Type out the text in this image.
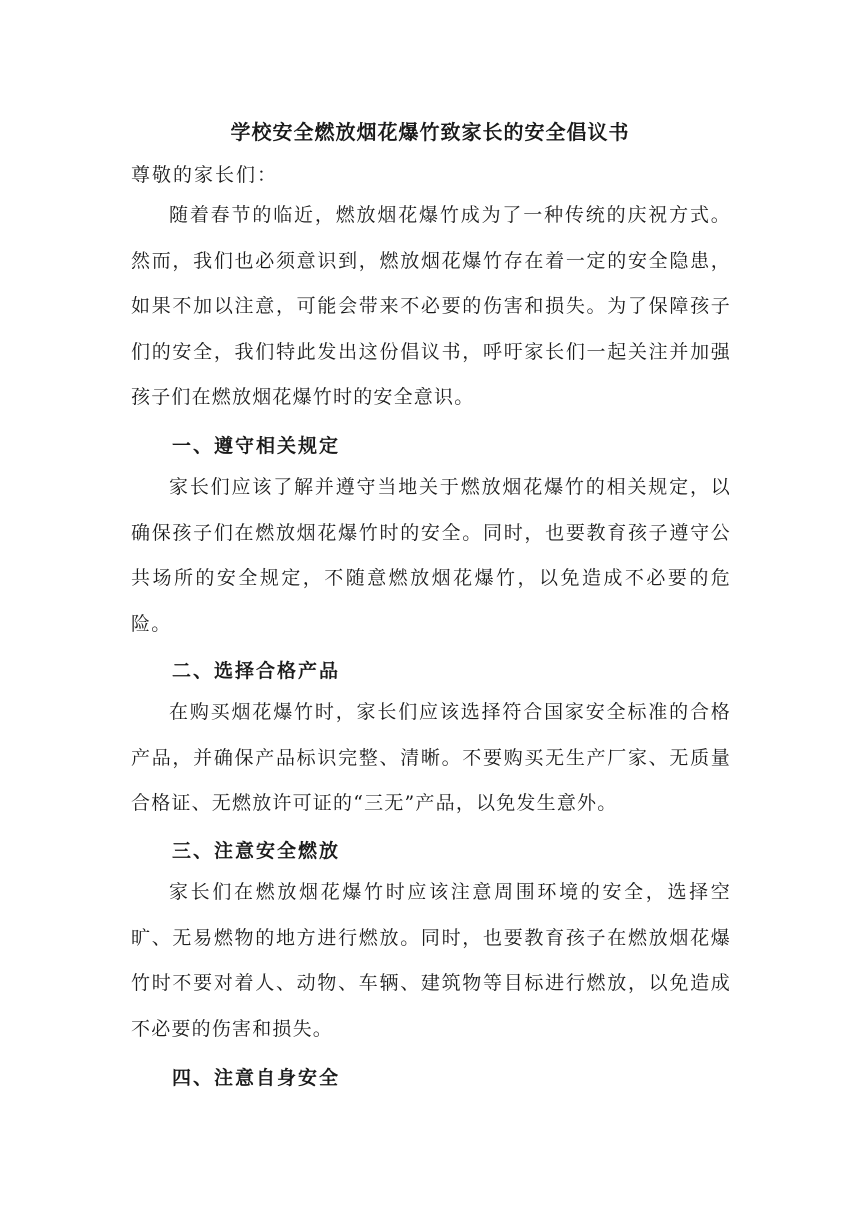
学校安全燃放烟花爆竹致家长的安全倡议书
尊敬的家长们：

随着春节的临近，燃放烟花爆竹成为了一种传统的庆祝方式。然而，我们也必须意识到，燃放烟花爆竹存在着一定的安全隐患，如果不加以注意，可能会带来不必要的伤害和损失。为了保障孩子们的安全，我们特此发出这份倡议书，呼吁家长们一起关注并加强孩子们在燃放烟花爆竹时的安全意识。

一、遵守相关规定

家长们应该了解并遵守当地关于燃放烟花爆竹的相关规定，以确保孩子们在燃放烟花爆竹时的安全。同时，也要教育孩子遵守公共场所的安全规定，不随意燃放烟花爆竹，以免造成不必要的危险。

二、选择合格产品

在购买烟花爆竹时，家长们应该选择符合国家安全标准的合格产品，并确保产品标识完整、清晰。不要购买无生产厂家、无质量合格证、无燃放许可证的“三无”产品，以免发生意外。

三、注意安全燃放

家长们在燃放烟花爆竹时应该注意周围环境的安全，选择空旷、无易燃物的地方进行燃放。同时，也要教育孩子在燃放烟花爆竹时不要对着人、动物、车辆、建筑物等目标进行燃放，以免造成不必要的伤害和损失。

四、注意自身安全
